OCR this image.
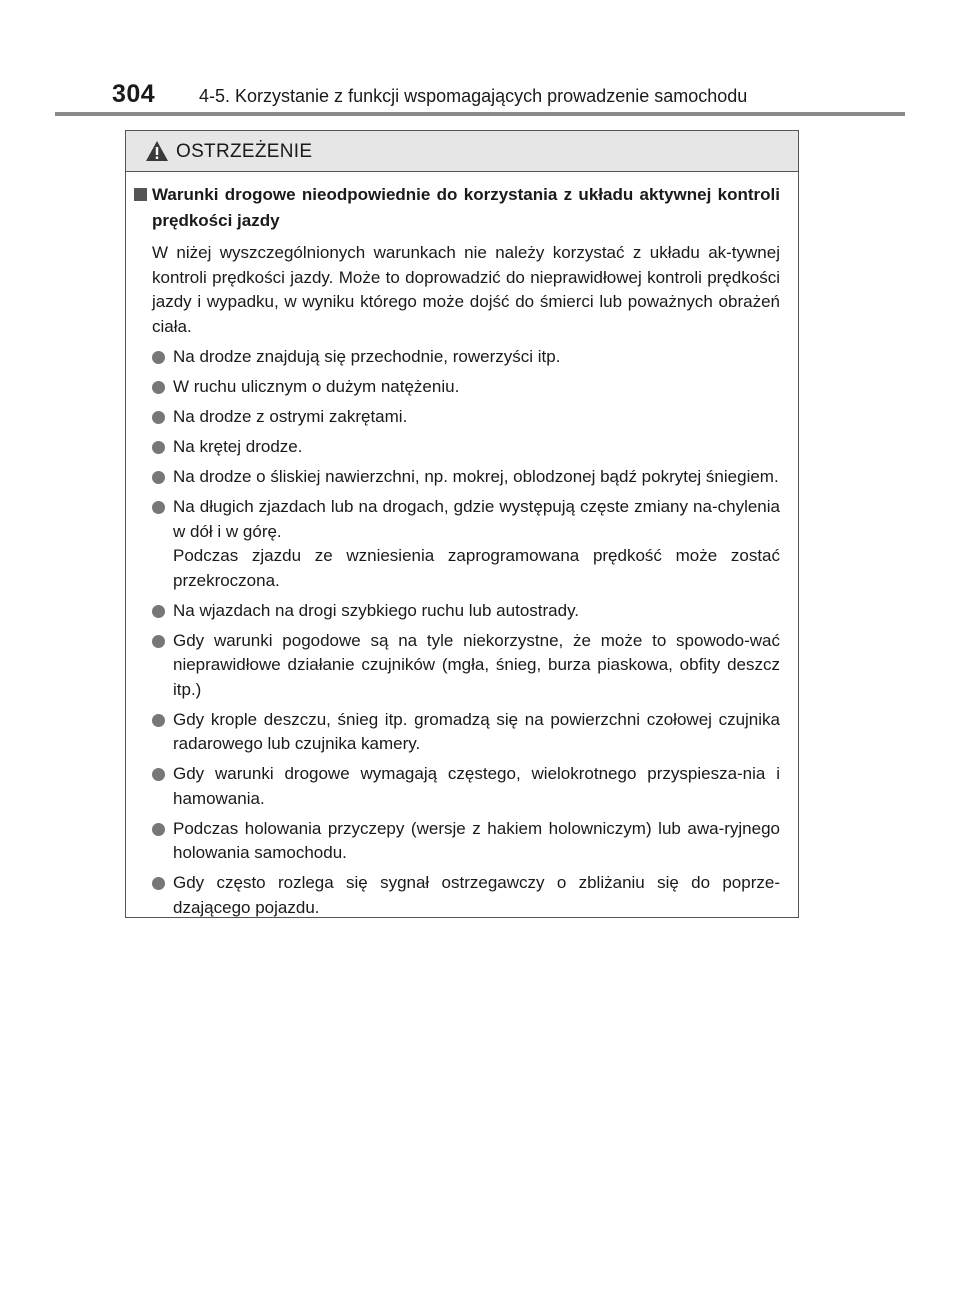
304 4-5. Korzystanie z funkcji wspomagających prowadzenie samochodu
OSTRZEŻENIE
Warunki drogowe nieodpowiednie do korzystania z układu aktywnej kontroli prędkości jazdy

W niżej wyszczególnionych warunkach nie należy korzystać z układu ak-tywnej kontroli prędkości jazdy. Może to doprowadzić do nieprawidłowej kontroli prędkości jazdy i wypadku, w wyniku którego może dojść do śmierci lub poważnych obrażeń ciała.

Na drodze znajdują się przechodnie, rowerzyści itp.
W ruchu ulicznym o dużym natężeniu.
Na drodze z ostrymi zakrętami.
Na krętej drodze.
Na drodze o śliskiej nawierzchni, np. mokrej, oblodzonej bądź pokrytej śniegiem.
Na długich zjazdach lub na drogach, gdzie występują częste zmiany na-chylenia w dół i w górę.
Podczas zjazdu ze wzniesienia zaprogramowana prędkość może zostać przekroczona.
Na wjazdach na drogi szybkiego ruchu lub autostrady.
Gdy warunki pogodowe są na tyle niekorzystne, że może to spowodo-wać nieprawidłowe działanie czujników (mgła, śnieg, burza piaskowa, obfity deszcz itp.)
Gdy krople deszczu, śnieg itp. gromadzą się na powierzchni czołowej czujnika radarowego lub czujnika kamery.
Gdy warunki drogowe wymagają częstego, wielokrotnego przyspiesza-nia i hamowania.
Podczas holowania przyczepy (wersje z hakiem holowniczym) lub awa-ryjnego holowania samochodu.
Gdy często rozlega się sygnał ostrzegawczy o zbliżaniu się do poprze-dzającego pojazdu.
